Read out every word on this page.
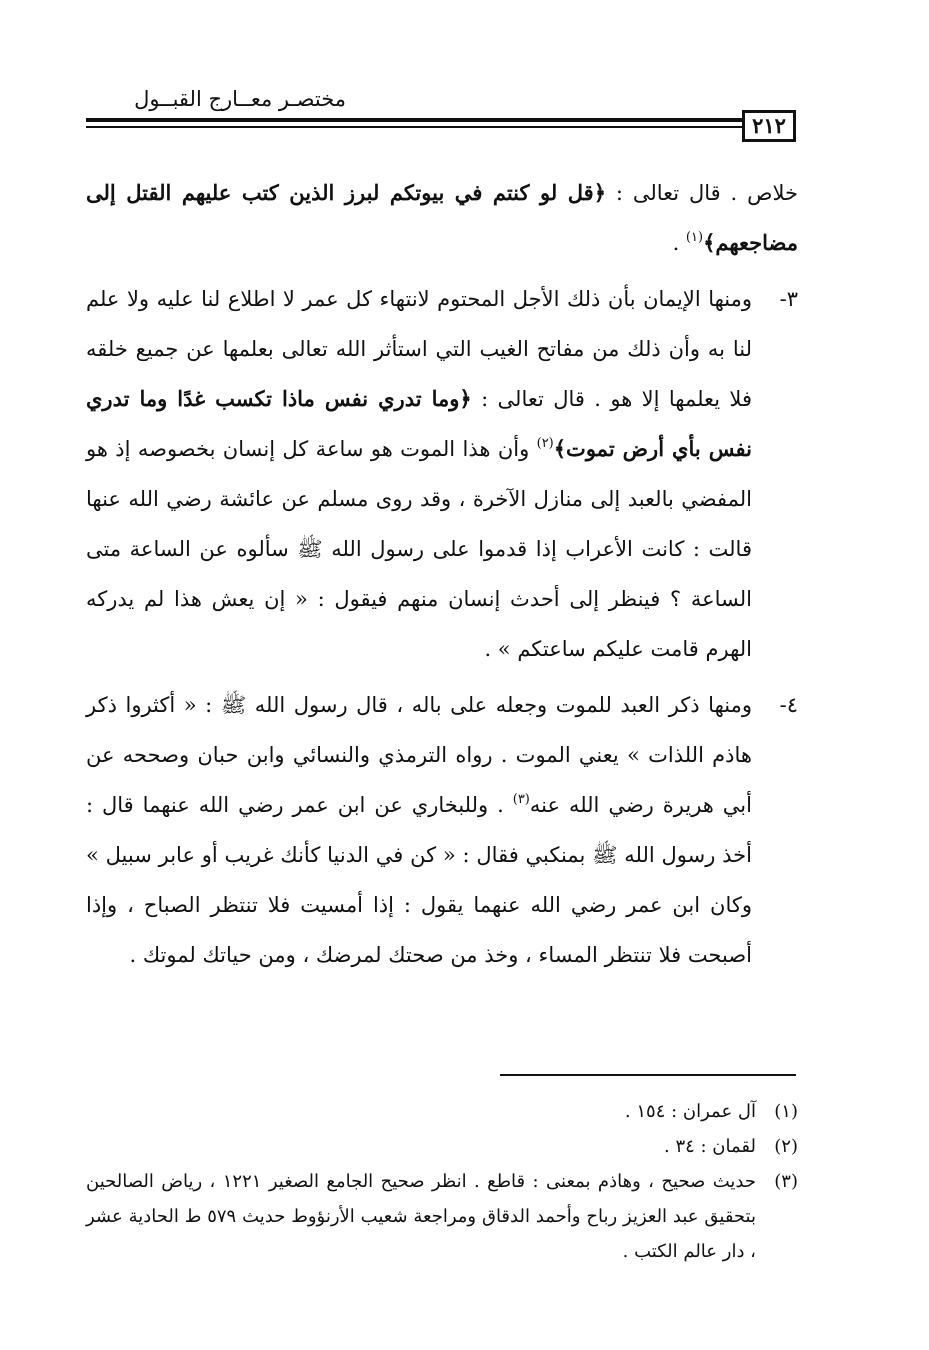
مختصـر معــارج القبــول
٢١٢

خلاص . قال تعالى : ﴿قل لو كنتم في بيوتكم لبرز الذين كتب عليهم القتل إلى مضاجعهم﴾$^{(١)}$ .

٣-
ومنها الإيمان بأن ذلك الأجل المحتوم لانتهاء كل عمر لا اطلاع لنا عليه ولا علم لنا به وأن ذلك من مفاتح الغيب التي استأثر الله تعالى بعلمها عن جميع خلقه فلا يعلمها إلا هو . قال تعالى : ﴿وما تدري نفس ماذا تكسب غدًا وما تدري نفس بأي أرض تموت﴾$^{(٢)}$ وأن هذا الموت هو ساعة كل إنسان بخصوصه إذ هو المفضي بالعبد إلى منازل الآخرة ، وقد روى مسلم عن عائشة رضي الله عنها قالت : كانت الأعراب إذا قدموا على رسول الله ﷺ سألوه عن الساعة متى الساعة ؟ فينظر إلى أحدث إنسان منهم فيقول : « إن يعش هذا لم يدركه الهرم قامت عليكم ساعتكم » .

٤-
ومنها ذكر العبد للموت وجعله على باله ، قال رسول الله ﷺ : « أكثروا ذكر هاذم اللذات » يعني الموت . رواه الترمذي والنسائي وابن حبان وصححه عن أبي هريرة رضي الله عنه$^{(٣)}$ . وللبخاري عن ابن عمر رضي الله عنهما قال : أخذ رسول الله ﷺ بمنكبي فقال : « كن في الدنيا كأنك غريب أو عابر سبيل » وكان ابن عمر رضي الله عنهما يقول : إذا أمسيت فلا تنتظر الصباح ، وإذا أصبحت فلا تنتظر المساء ، وخذ من صحتك لمرضك ، ومن حياتك لموتك .

(١)
آل عمران : ١٥٤ .
(٢)
لقمان : ٣٤ .
(٣)
حديث صحيح ، وهاذم بمعنى : قاطع . انظر صحيح الجامع الصغير ١٢٢١ ، رياض الصالحين بتحقيق عبد العزيز رباح وأحمد الدقاق ومراجعة شعيب الأرنؤوط حديث ٥٧٩ ط الحادية عشر ، دار عالم الكتب .
